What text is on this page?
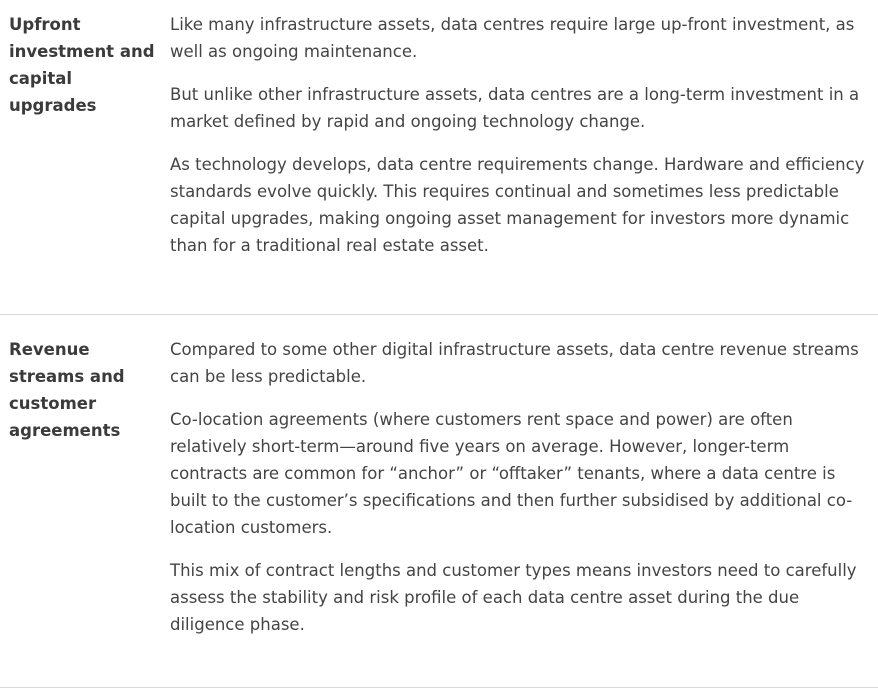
Upfront investment and capital upgrades

Like many infrastructure assets, data centres require large up-front investment, as well as ongoing maintenance.

But unlike other infrastructure assets, data centres are a long-term investment in a market defined by rapid and ongoing technology change.

As technology develops, data centre requirements change. Hardware and efficiency standards evolve quickly. This requires continual and sometimes less predictable capital upgrades, making ongoing asset management for investors more dynamic than for a traditional real estate asset.

Revenue streams and customer agreements

Compared to some other digital infrastructure assets, data centre revenue streams can be less predictable.

Co-location agreements (where customers rent space and power) are often relatively short-term—around five years on average. However, longer-term contracts are common for “anchor” or “offtaker” tenants, where a data centre is built to the customer’s specifications and then further subsidised by additional co-location customers.

This mix of contract lengths and customer types means investors need to carefully assess the stability and risk profile of each data centre asset during the due diligence phase.
